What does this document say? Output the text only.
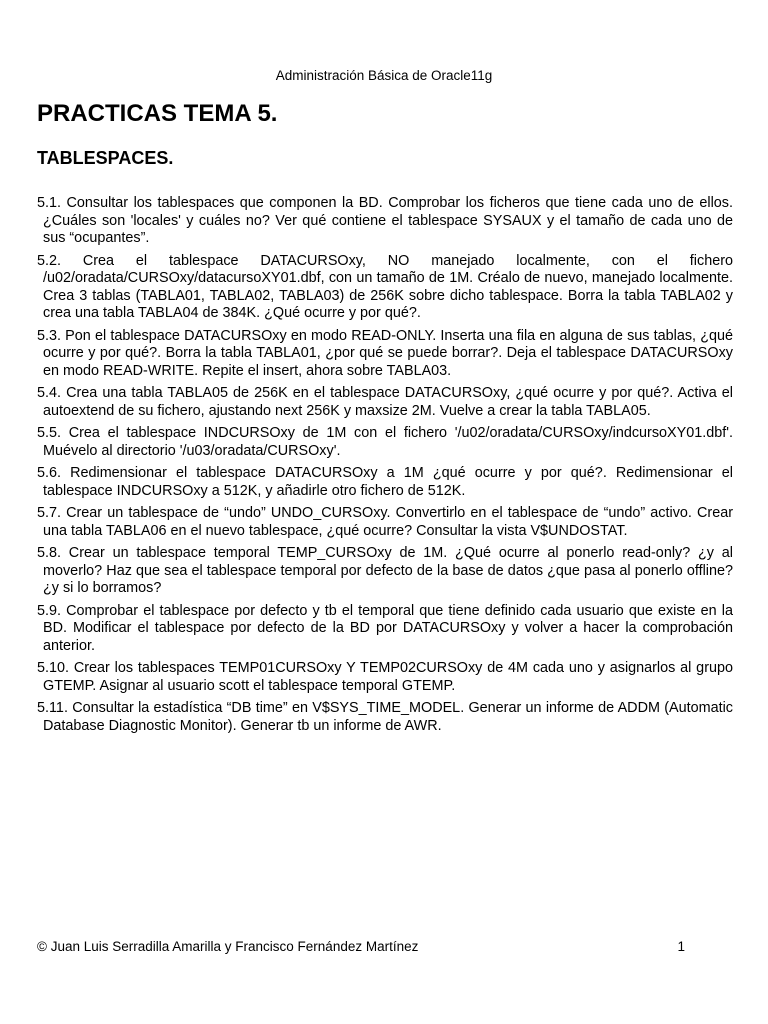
Administración Básica de Oracle11g
PRACTICAS TEMA 5.
TABLESPACES.

5.1. Consultar los tablespaces que componen la BD. Comprobar los ficheros que tiene cada uno de ellos. ¿Cuáles son 'locales' y cuáles no? Ver qué contiene el tablespace SYSAUX y el tamaño de cada uno de sus “ocupantes”.

5.2. Crea el tablespace DATACURSOxy, NO manejado localmente, con el fichero /u02/oradata/CURSOxy/datacursoXY01.dbf, con un tamaño de 1M. Créalo de nuevo, manejado localmente. Crea 3 tablas (TABLA01, TABLA02, TABLA03) de 256K sobre dicho tablespace. Borra la tabla TABLA02 y crea una tabla TABLA04 de 384K. ¿Qué ocurre y por qué?.

5.3. Pon el tablespace DATACURSOxy en modo READ-ONLY. Inserta una fila en alguna de sus tablas, ¿qué ocurre y por qué?. Borra la tabla TABLA01, ¿por qué se puede borrar?. Deja el tablespace DATACURSOxy en modo READ-WRITE. Repite el insert, ahora sobre TABLA03.

5.4. Crea una tabla TABLA05 de 256K en el tablespace DATACURSOxy, ¿qué ocurre y por qué?. Activa el autoextend de su fichero, ajustando next 256K y maxsize 2M. Vuelve a crear la tabla TABLA05.

5.5. Crea el tablespace INDCURSOxy de 1M con el fichero '/u02/oradata/CURSOxy/indcursoXY01.dbf'. Muévelo al directorio '/u03/oradata/CURSOxy'.

5.6. Redimensionar el tablespace DATACURSOxy a 1M ¿qué ocurre y por qué?. Redimensionar el tablespace INDCURSOxy a 512K, y añadirle otro fichero de 512K.

5.7. Crear un tablespace de “undo” UNDO_CURSOxy. Convertirlo en el tablespace de “undo” activo. Crear una tabla TABLA06 en el nuevo tablespace, ¿qué ocurre? Consultar la vista V$UNDOSTAT.

5.8. Crear un tablespace temporal TEMP_CURSOxy de 1M. ¿Qué ocurre al ponerlo read-only? ¿y al moverlo? Haz que sea el tablespace temporal por defecto de la base de datos ¿que pasa al ponerlo offline? ¿y si lo borramos?

5.9. Comprobar el tablespace por defecto y tb el temporal que tiene definido cada usuario que existe en la BD. Modificar el tablespace por defecto de la BD por DATACURSOxy y volver a hacer la comprobación anterior.

5.10. Crear los tablespaces TEMP01CURSOxy Y TEMP02CURSOxy de 4M cada uno y asignarlos al grupo GTEMP. Asignar al usuario scott el tablespace temporal GTEMP.

5.11. Consultar la estadística “DB time” en V$SYS_TIME_MODEL. Generar un informe de ADDM (Automatic Database Diagnostic Monitor). Generar tb un informe de AWR.

© Juan Luis Serradilla Amarilla y Francisco Fernández Martínez	1
